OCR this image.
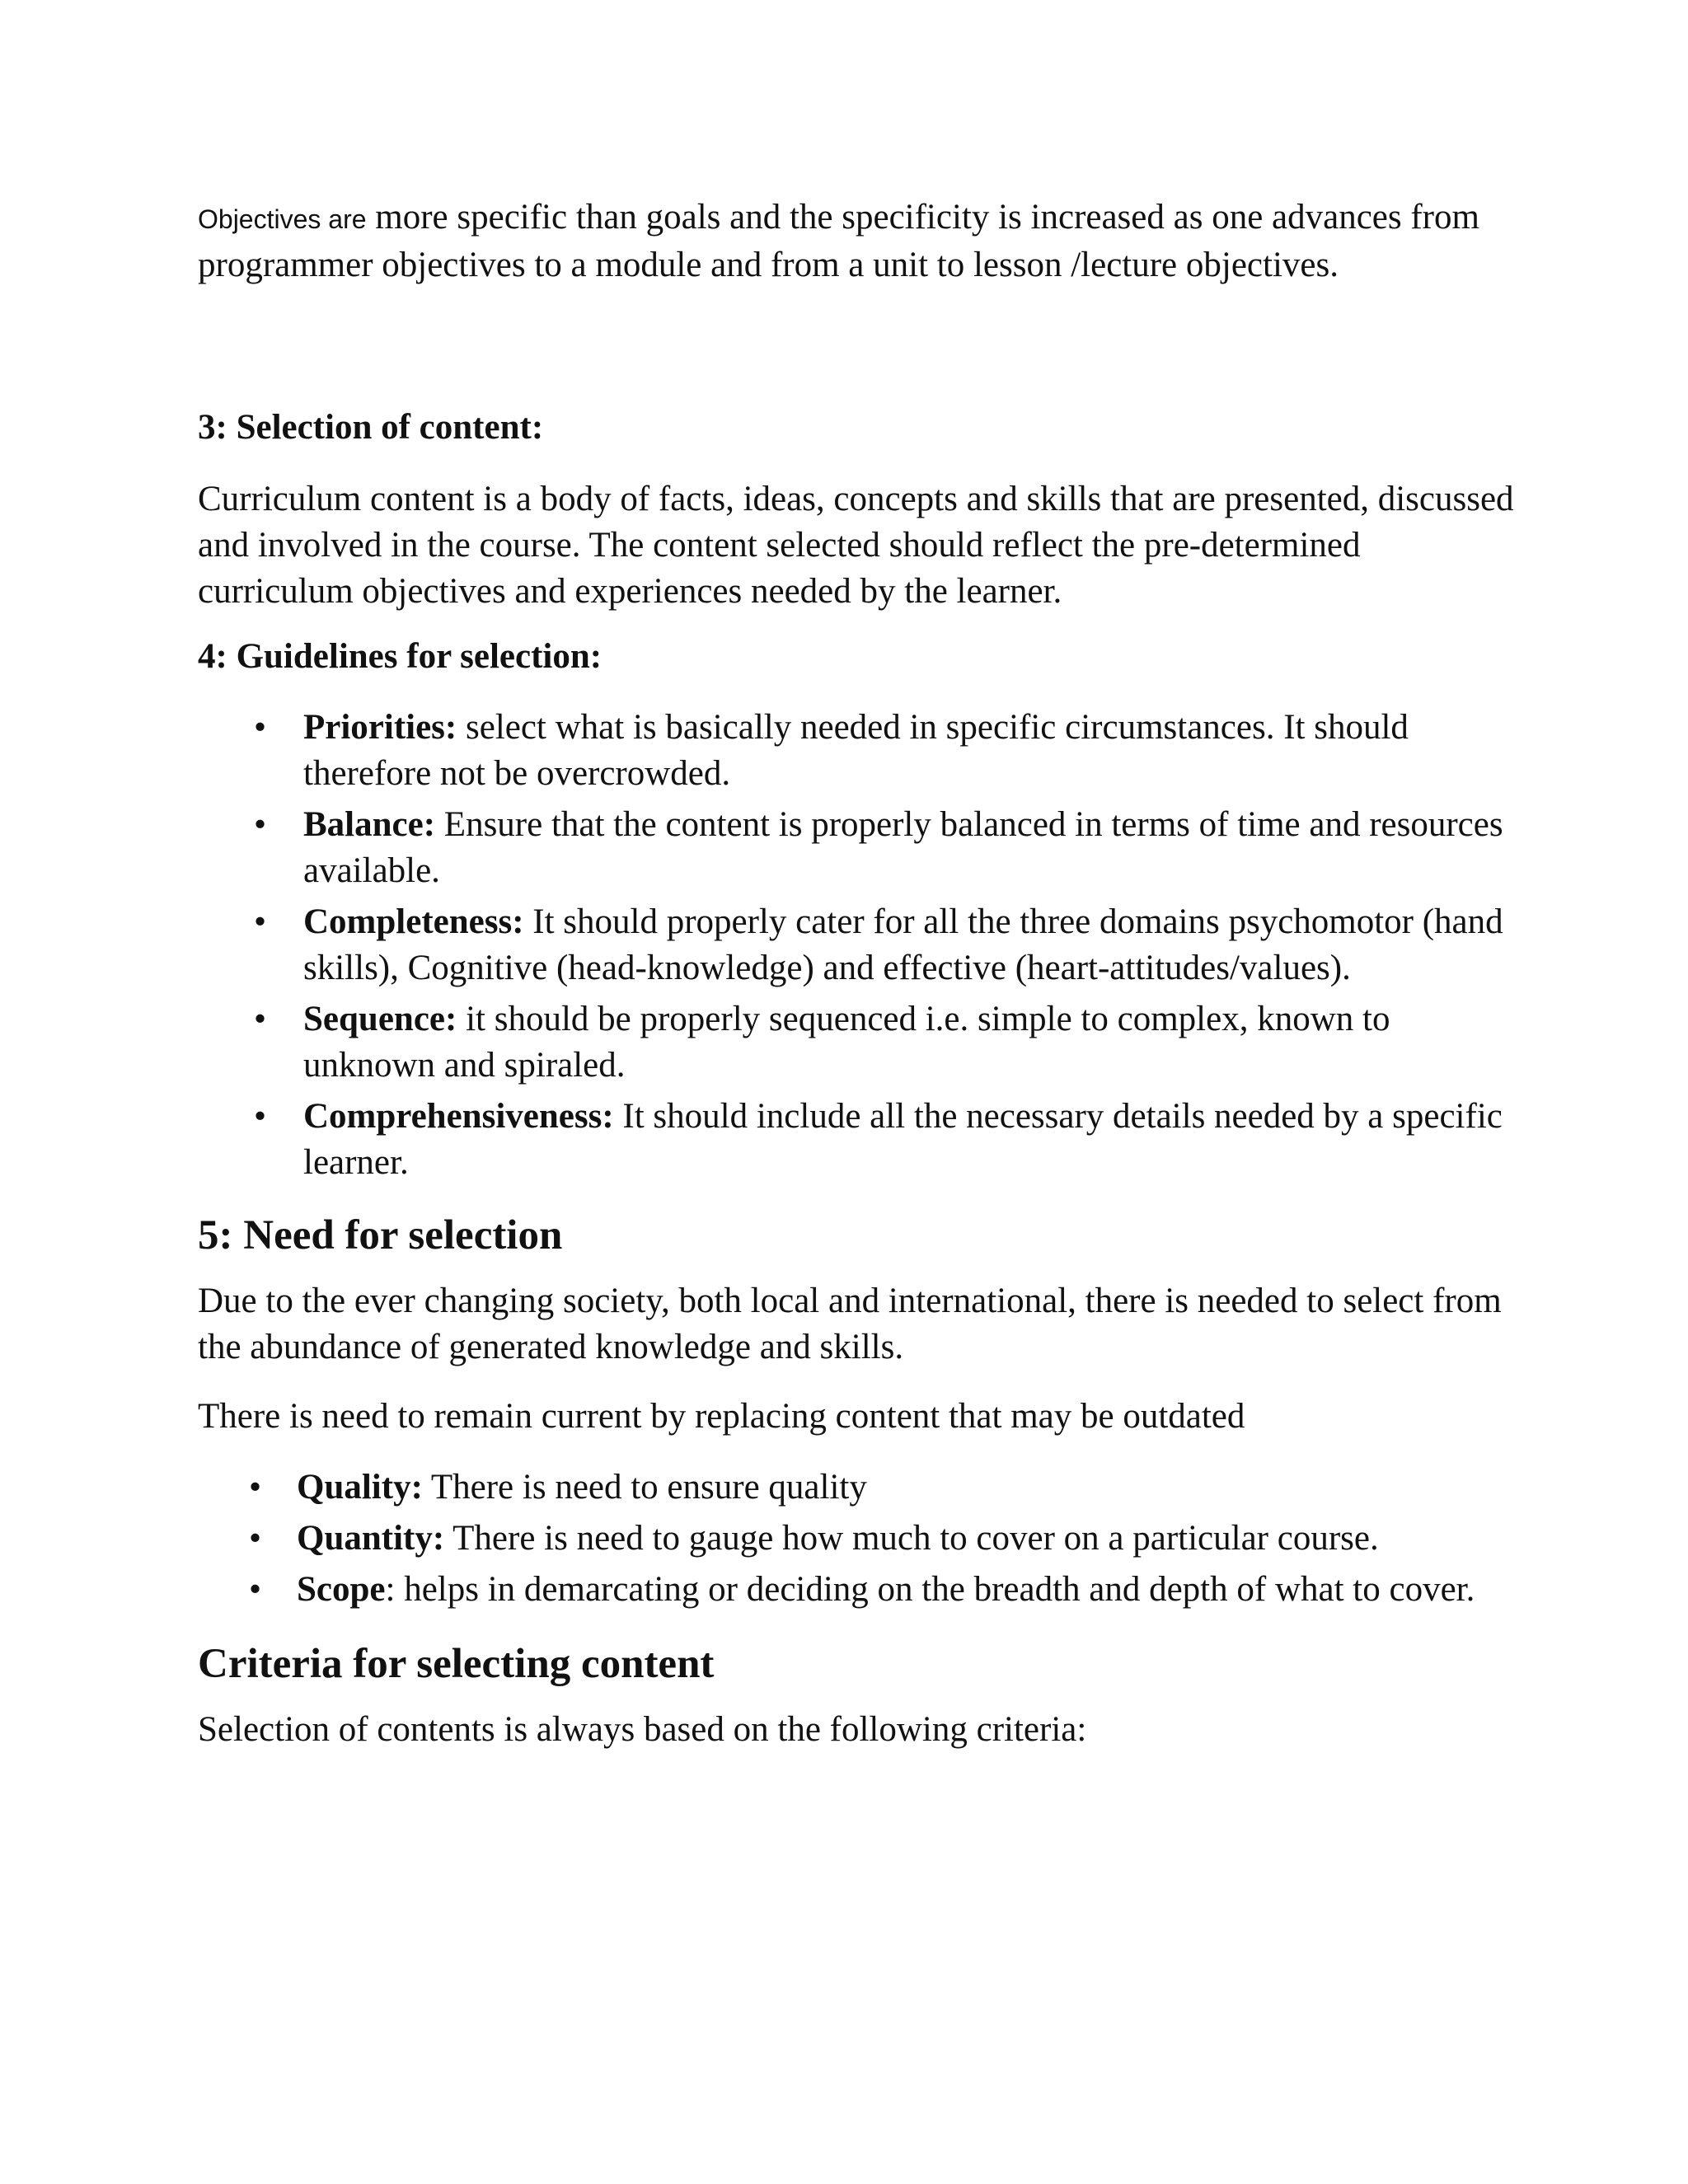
Objectives are more specific than goals and the specificity is increased as one advances from programmer objectives to a module and from a unit to lesson /lecture objectives.

3: Selection of content:

Curriculum content is a body of facts, ideas, concepts and skills that are presented, discussed and involved in the course. The content selected should reflect the pre-determined curriculum objectives and experiences needed by the learner.

4: Guidelines for selection:

• Priorities: select what is basically needed in specific circumstances. It should therefore not be overcrowded.
• Balance: Ensure that the content is properly balanced in terms of time and resources available.
• Completeness: It should properly cater for all the three domains psychomotor (hand skills), Cognitive (head-knowledge) and effective (heart-attitudes/values).
• Sequence: it should be properly sequenced i.e. simple to complex, known to unknown and spiraled.
• Comprehensiveness: It should include all the necessary details needed by a specific learner.

5: Need for selection

Due to the ever changing society, both local and international, there is needed to select from the abundance of generated knowledge and skills.

There is need to remain current by replacing content that may be outdated

• Quality: There is need to ensure quality
• Quantity: There is need to gauge how much to cover on a particular course.
• Scope: helps in demarcating or deciding on the breadth and depth of what to cover.

Criteria for selecting content

Selection of contents is always based on the following criteria:
